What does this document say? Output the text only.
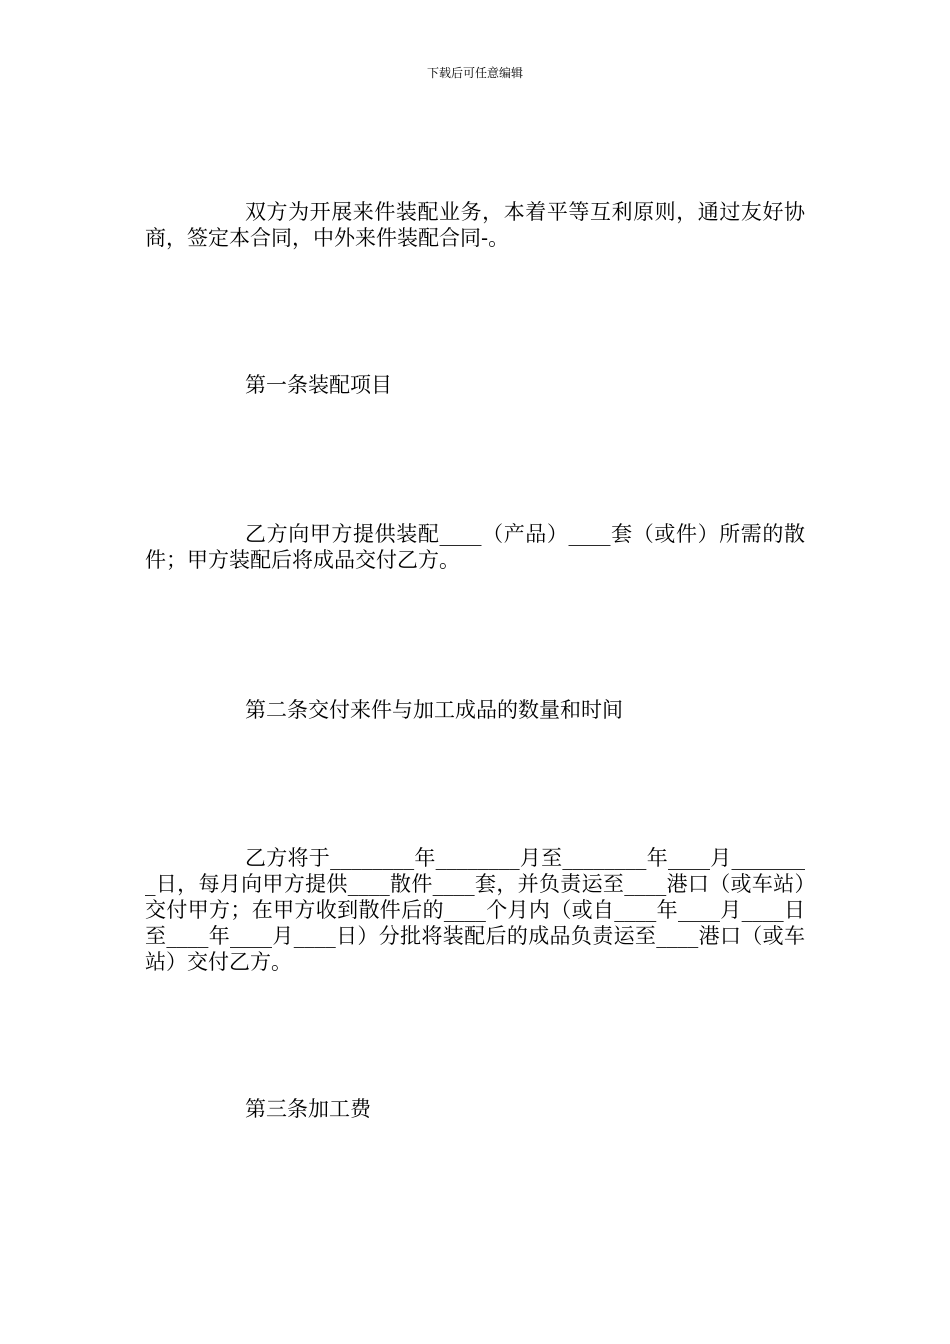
下载后可任意编辑
双方为开展来件装配业务，本着平等互利原则，通过友好协商，签定本合同，中外来件装配合同-。
第一条装配项目
乙方向甲方提供装配____（产品）____套（或件）所需的散件；甲方装配后将成品交付乙方。
第二条交付来件与加工成品的数量和时间
乙方将于________年________月至________年____月________日，每月向甲方提供____散件____套，并负责运至____港口（或车站）交付甲方；在甲方收到散件后的____个月内（或自____年____月____日至____年____月____日）分批将装配后的成品负责运至____港口（或车站）交付乙方。
第三条加工费
